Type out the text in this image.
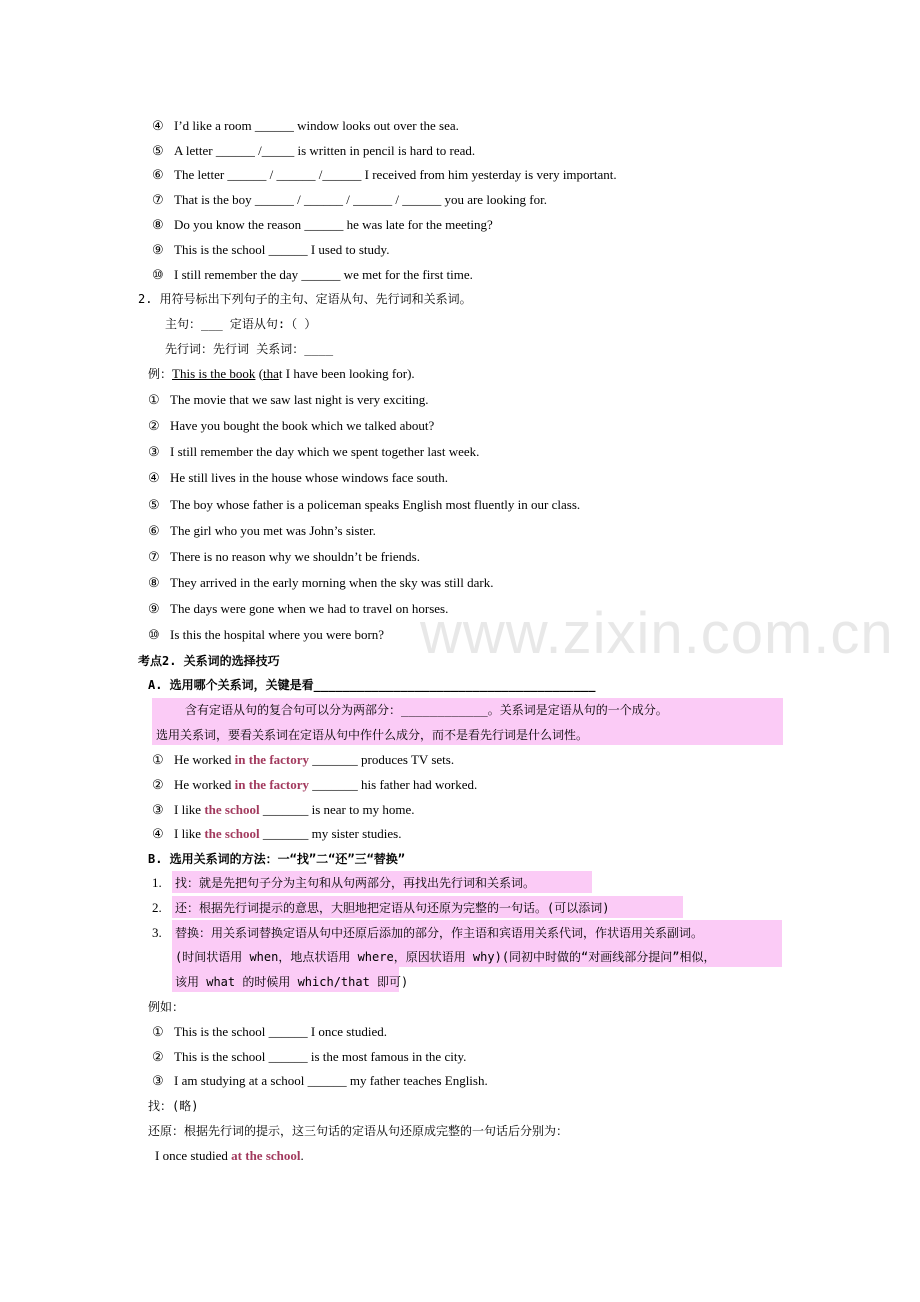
www.zixin.com.cn
④ I’d like a room ______ window looks out over the sea.
⑤ A letter ______ /_____ is written in pencil is hard to read.
⑥ The letter ______ / ______ /______ I received from him yesterday is very important.
⑦ That is the boy ______ / ______ / ______ / ______ you are looking for.
⑧ Do you know the reason ______ he was late for the meeting?
⑨ This is the school ______ I used to study.
⑩ I still remember the day ______ we met for the first time.
2. 用符号标出下列句子的主句、定语从句、先行词和关系词。
主句：___ 定语从句:（ ）
先行词：先行词 关系词：____
例：This is the book (that I have been looking for).
① The movie that we saw last night is very exciting.
② Have you bought the book which we talked about?
③ I still remember the day which we spent together last week.
④ He still lives in the house whose windows face south.
⑤ The boy whose father is a policeman speaks English most fluently in our class.
⑥ The girl who you met was John’s sister.
⑦ There is no reason why we shouldn’t be friends.
⑧ They arrived in the early morning when the sky was still dark.
⑨ The days were gone when we had to travel on horses.
⑩ Is this the hospital where you were born?
考点2. 关系词的选择技巧
A. 选用哪个关系词，关键是看_______________________________________
含有定语从句的复合句可以分为两部分：____________。关系词是定语从句的一个成分。
选用关系词，要看关系词在定语从句中作什么成分，而不是看先行词是什么词性。
① He worked in the factory _______ produces TV sets.
② He worked in the factory _______ his father had worked.
③ I like the school _______ is near to my home.
④ I like the school _______ my sister studies.
B. 选用关系词的方法：一“找”二“还”三“替换”
1. 找：就是先把句子分为主句和从句两部分，再找出先行词和关系词。
2. 还：根据先行词提示的意思，大胆地把定语从句还原为完整的一句话。(可以添词)
3. 替换：用关系词替换定语从句中还原后添加的部分，作主语和宾语用关系代词，作状语用关系副词。
(时间状语用 when，地点状语用 where，原因状语用 why)(同初中时做的“对画线部分提问”相似，
该用 what 的时候用 which/that 即可)
例如：
① This is the school ______ I once studied.
② This is the school ______ is the most famous in the city.
③ I am studying at a school ______ my father teaches English.
找：(略)
还原：根据先行词的提示，这三句话的定语从句还原成完整的一句话后分别为：
I once studied at the school.
